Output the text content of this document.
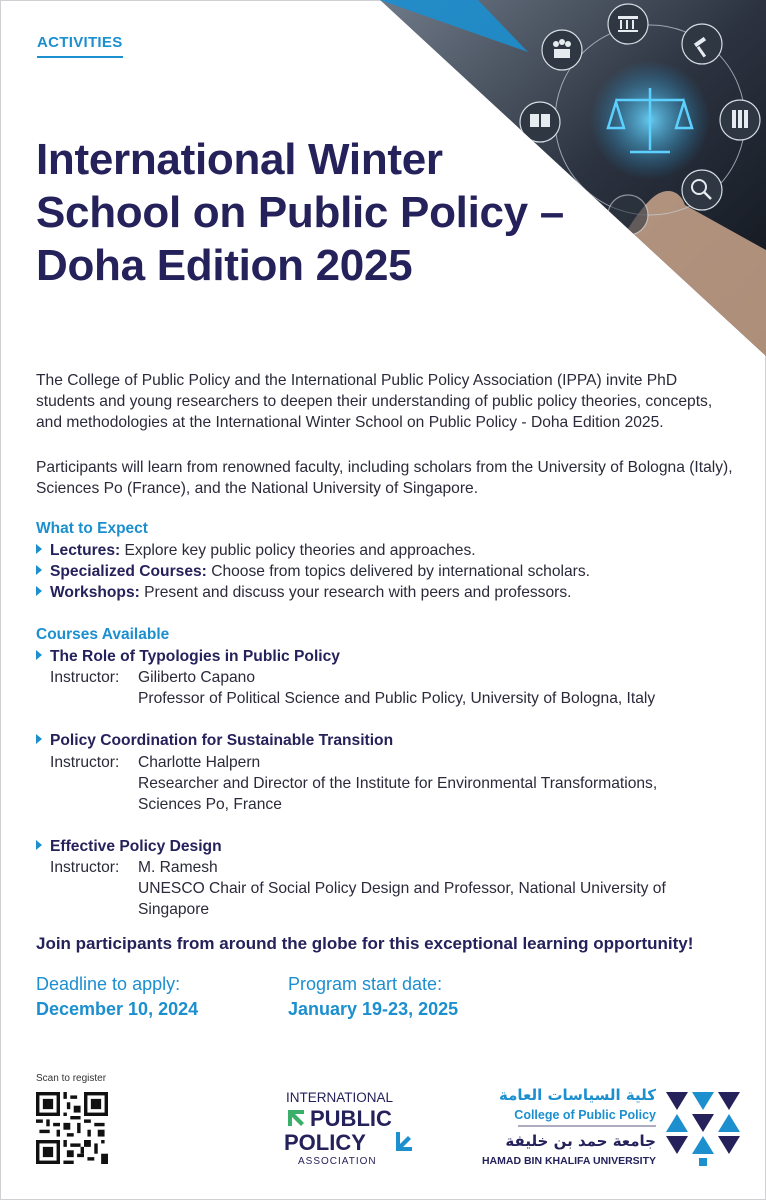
ACTIVITIES
International Winter School on Public Policy – Doha Edition 2025

The College of Public Policy and the International Public Policy Association (IPPA) invite PhD students and young researchers to deepen their understanding of public policy theories, concepts, and methodologies at the International Winter School on Public Policy - Doha Edition 2025.

Participants will learn from renowned faculty, including scholars from the University of Bologna (Italy), Sciences Po (France), and the National University of Singapore.

What to Expect
Lectures: Explore key public policy theories and approaches.
Specialized Courses: Choose from topics delivered by international scholars.
Workshops: Present and discuss your research with peers and professors.
Courses Available
The Role of Typologies in Public Policy
Instructor: Giliberto Capano
Professor of Political Science and Public Policy, University of Bologna, Italy
Policy Coordination for Sustainable Transition
Instructor: Charlotte Halpern
Researcher and Director of the Institute for Environmental Transformations, Sciences Po, France
Effective Policy Design
Instructor: M. Ramesh
UNESCO Chair of Social Policy Design and Professor, National University of Singapore
Join participants from around the globe for this exceptional learning opportunity!
Deadline to apply:
December 10, 2024
Program start date:
January 19-23, 2025
Scan to register
INTERNATIONAL
PUBLIC
POLICY
ASSOCIATION
كلية السياسات العامة
College of Public Policy
جامعة حمد بن خليفة
HAMAD BIN KHALIFA UNIVERSITY
